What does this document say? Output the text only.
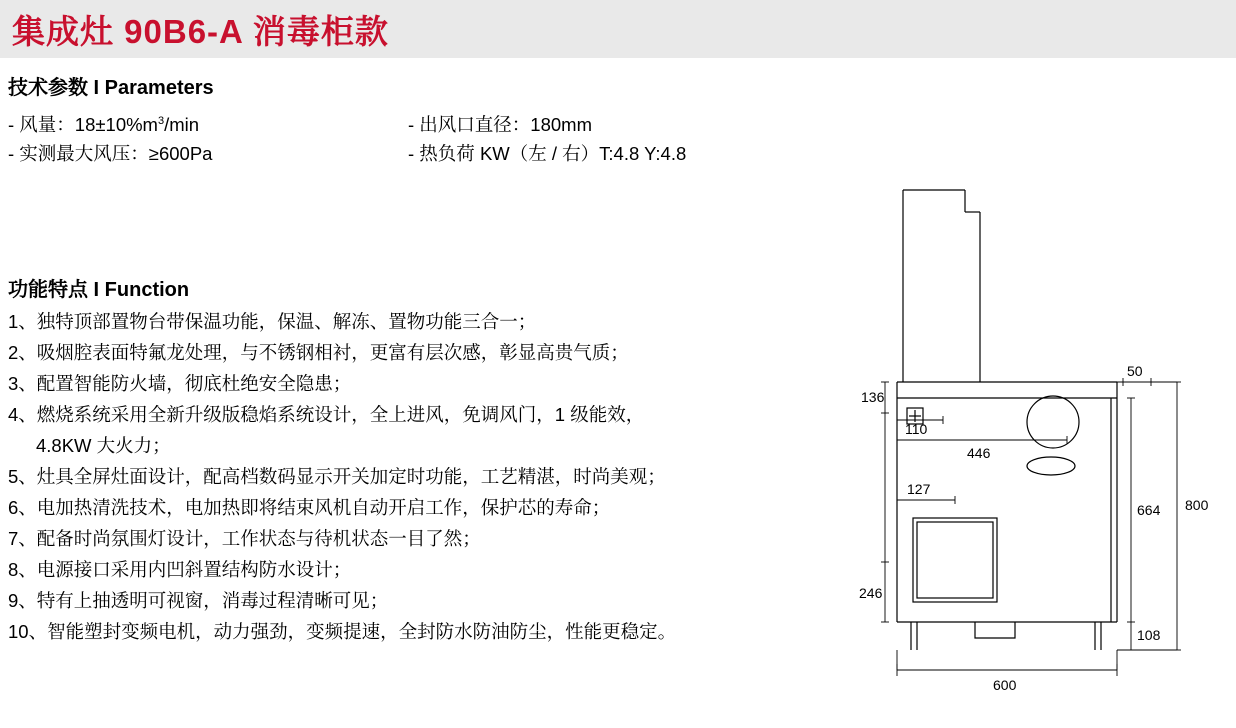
集成灶 90B6-A 消毒柜款
技术参数 I Parameters
- 风量：$18\pm 10\%m^3/\min$	- 出风口直径：180mm
- 实测最大风压：≥600Pa	- 热负荷 KW（左 / 右）T:4.8 Y:4.8
功能特点 I Function
1、独特顶部置物台带保温功能，保温、解冻、置物功能三合一；
2、吸烟腔表面特氟龙处理，与不锈钢相衬，更富有层次感，彰显高贵气质；
3、配置智能防火墙，彻底杜绝安全隐患；
4、燃烧系统采用全新升级版稳焰系统设计，全上进风，免调风门，1 级能效，
4.8KW 大火力；
5、灶具全屏灶面设计，配高档数码显示开关加定时功能，工艺精湛，时尚美观；
6、电加热清洗技术，电加热即将结束风机自动开启工作，保护芯的寿命；
7、配备时尚氛围灯设计，工作状态与待机状态一目了然；
8、电源接口采用内凹斜置结构防水设计；
9、特有上抽透明可视窗，消毒过程清晰可见；
10、智能塑封变频电机，动力强劲，变频提速，全封防水防油防尘，性能更稳定。
136
110
446
127
246
600
50
664
108
800
